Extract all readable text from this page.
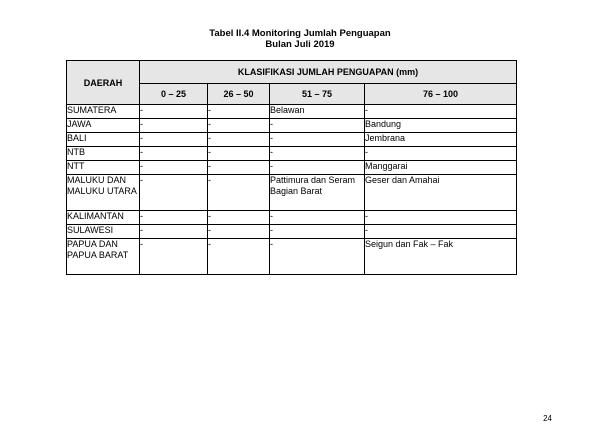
Tabel II.4 Monitoring Jumlah Penguapan
Bulan Juli 2019
DAERAH	KLASIFIKASI JUMLAH PENGUAPAN (mm)			
	0 – 25	26 – 50	51 – 75	76 – 100
SUMATERA	-	-	Belawan	-
JAWA	-	-	-	Bandung
BALI	-	-	-	Jembrana
NTB	-	-	-	-
NTT	-	-	-	Manggarai
MALUKU DAN MALUKU UTARA	-	-	Pattimura dan Seram Bagian Barat	Geser dan Amahai
KALIMANTAN	-	-	-	-
SULAWESI	-	-	-	-
PAPUA DAN PAPUA BARAT	-	-	-	Seigun dan Fak – Fak
24
